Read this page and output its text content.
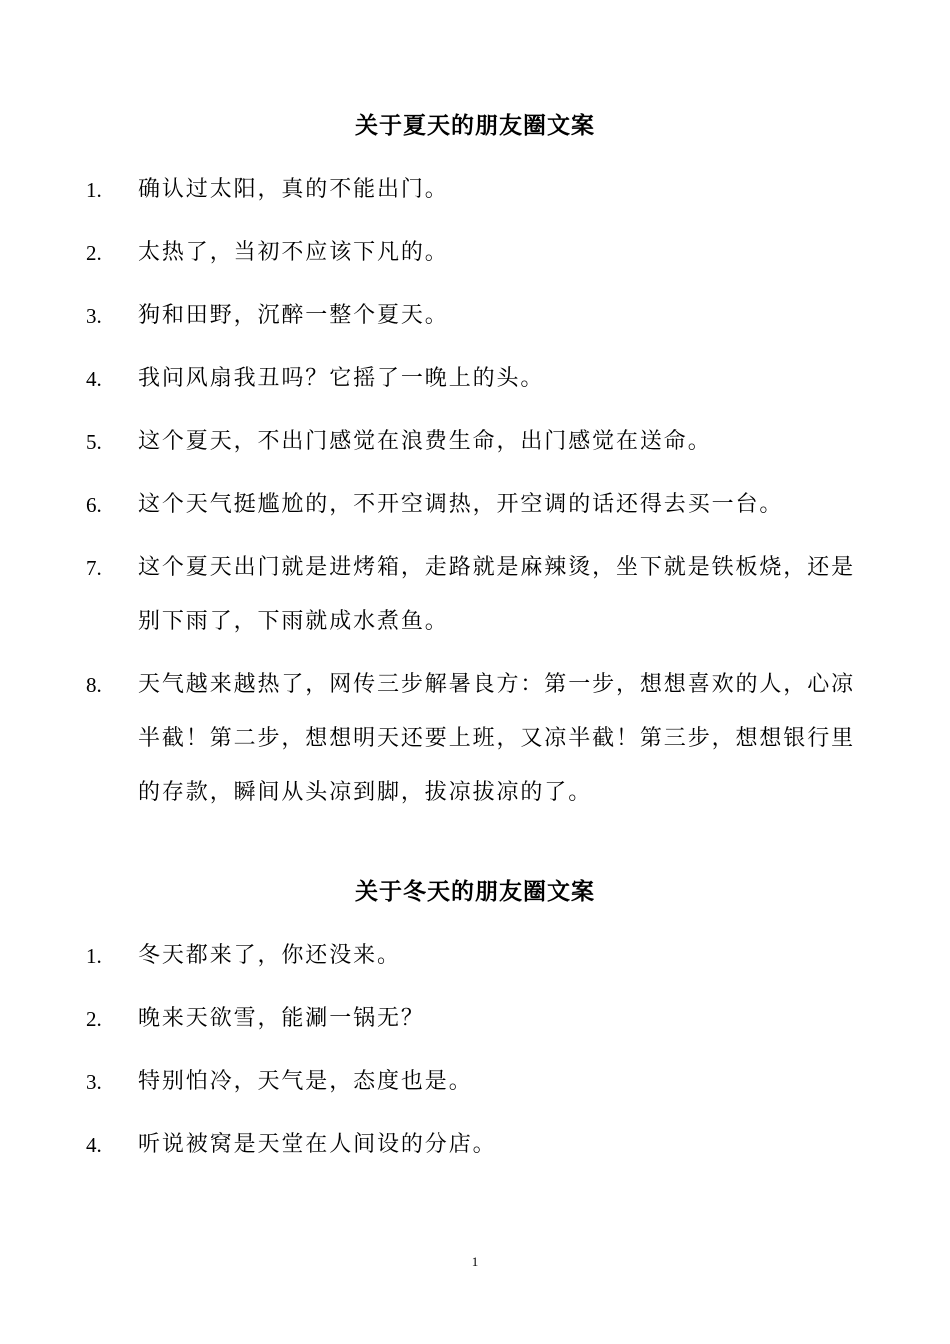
关于夏天的朋友圈文案
1. 确认过太阳，真的不能出门。
2. 太热了，当初不应该下凡的。
3. 狗和田野，沉醉一整个夏天。
4. 我问风扇我丑吗？它摇了一晚上的头。
5. 这个夏天，不出门感觉在浪费生命，出门感觉在送命。
6. 这个天气挺尴尬的，不开空调热，开空调的话还得去买一台。
7. 这个夏天出门就是进烤箱，走路就是麻辣烫，坐下就是铁板烧，还是别下雨了，下雨就成水煮鱼。
8. 天气越来越热了，网传三步解暑良方：第一步，想想喜欢的人，心凉半截！第二步，想想明天还要上班，又凉半截！第三步，想想银行里的存款，瞬间从头凉到脚，拔凉拔凉的了。
关于冬天的朋友圈文案
1. 冬天都来了，你还没来。
2. 晚来天欲雪，能涮一锅无？
3. 特别怕冷，天气是，态度也是。
4. 听说被窝是天堂在人间设的分店。
1
